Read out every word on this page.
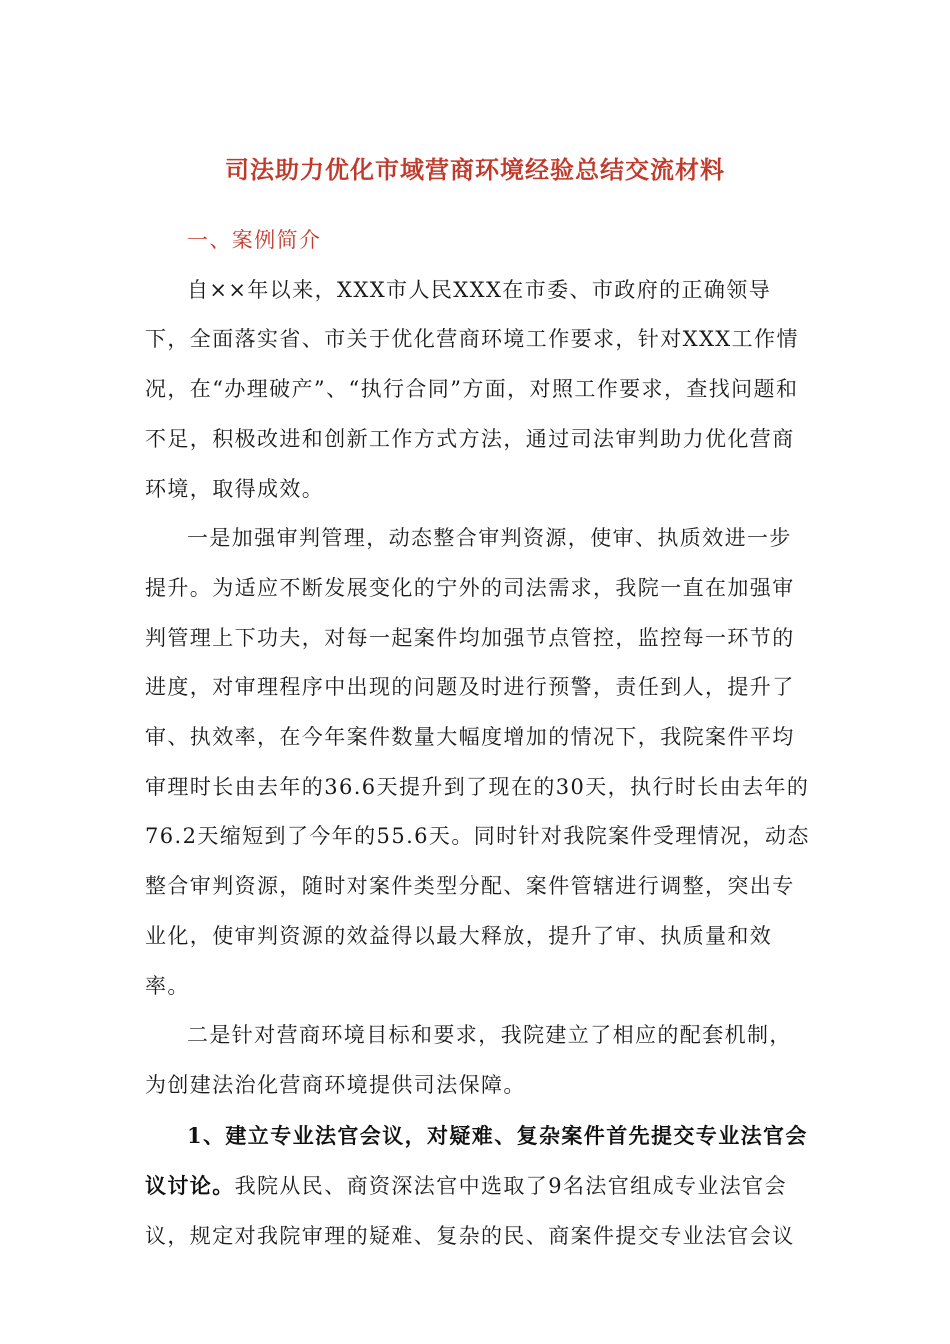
司法助力优化市域营商环境经验总结交流材料

一、案例简介

自××年以来，XXX市人民XXX在市委、市政府的正确领导下，全面落实省、市关于优化营商环境工作要求，针对XXX工作情况，在“办理破产”、“执行合同”方面，对照工作要求，查找问题和不足，积极改进和创新工作方式方法，通过司法审判助力优化营商环境，取得成效。

一是加强审判管理，动态整合审判资源，使审、执质效进一步提升。为适应不断发展变化的宁外的司法需求，我院一直在加强审判管理上下功夫，对每一起案件均加强节点管控，监控每一环节的进度，对审理程序中出现的问题及时进行预警，责任到人，提升了审、执效率，在今年案件数量大幅度增加的情况下，我院案件平均审理时长由去年的36.6天提升到了现在的30天，执行时长由去年的76.2天缩短到了今年的55.6天。同时针对我院案件受理情况，动态整合审判资源，随时对案件类型分配、案件管辖进行调整，突出专业化，使审判资源的效益得以最大释放，提升了审、执质量和效率。

二是针对营商环境目标和要求，我院建立了相应的配套机制，为创建法治化营商环境提供司法保障。

1、建立专业法官会议，对疑难、复杂案件首先提交专业法官会议讨论。我院从民、商资深法官中选取了9名法官组成专业法官会议，规定对我院审理的疑难、复杂的民、商案件提交专业法官会议
